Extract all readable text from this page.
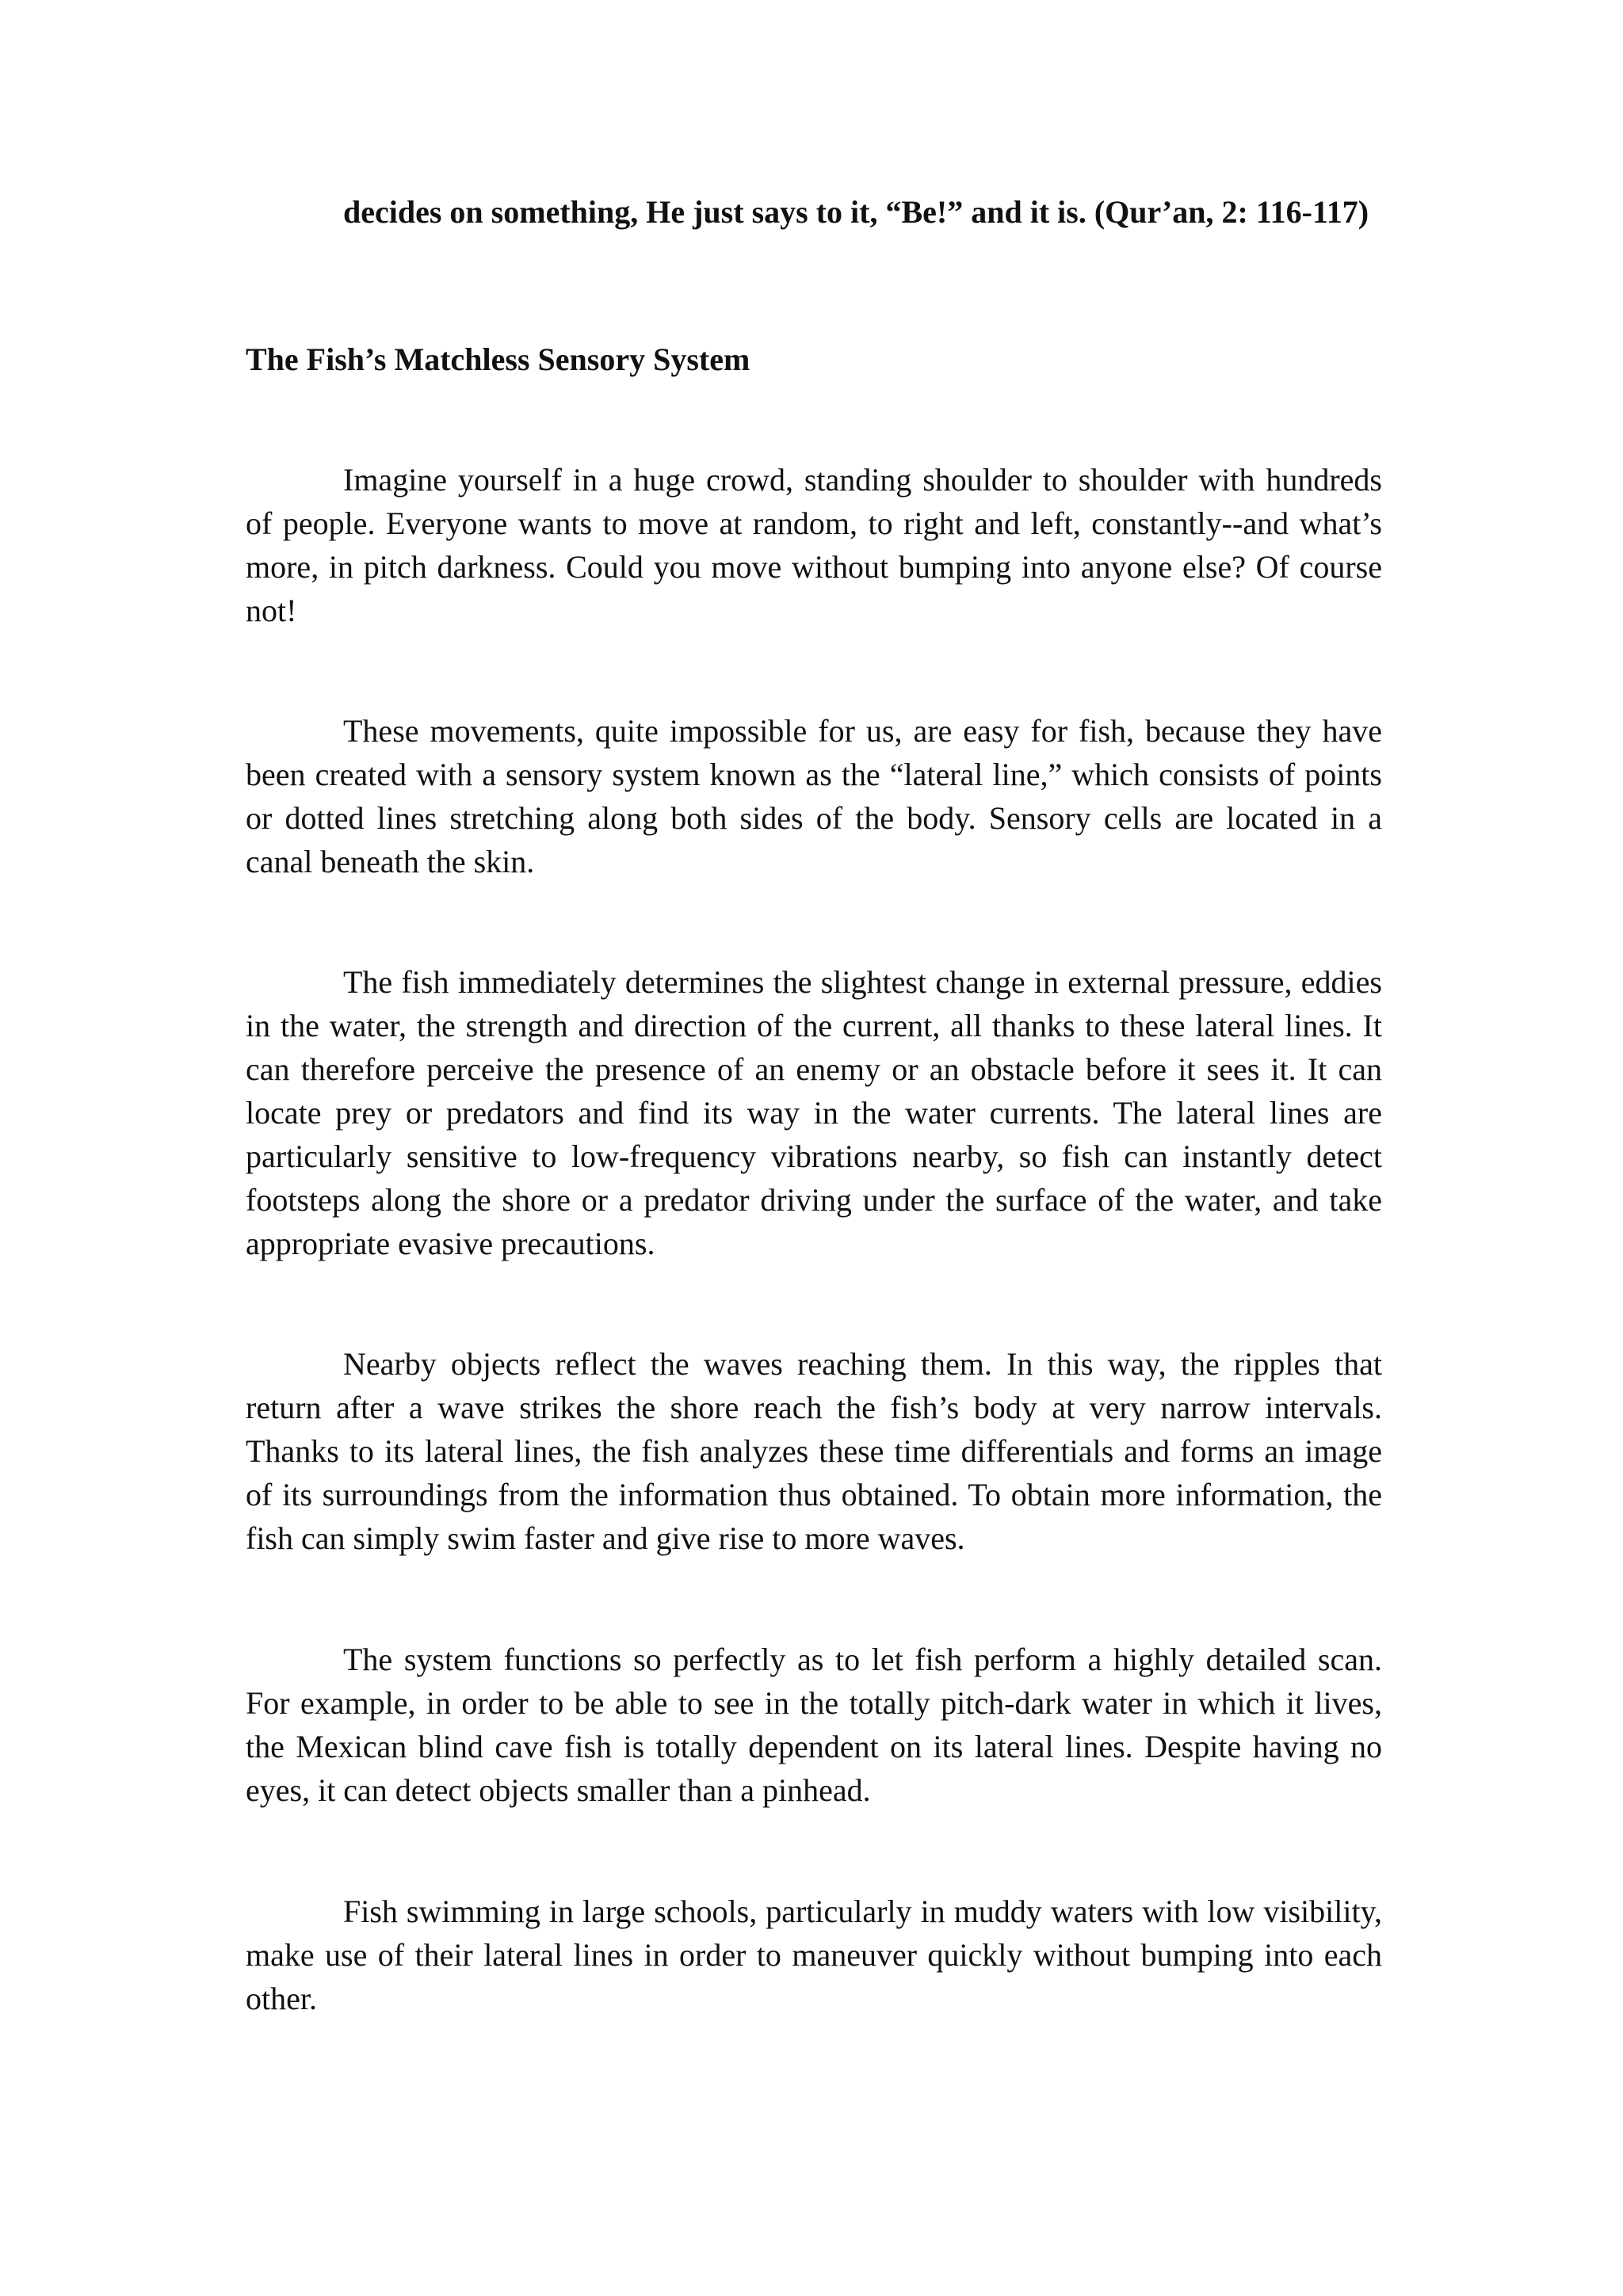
decides on something, He just says to it, “Be!” and it is. (Qur’an, 2: 116-117)
The Fish’s Matchless Sensory System

Imagine yourself in a huge crowd, standing shoulder to shoulder with hundreds of people. Everyone wants to move at random, to right and left, constantly--and what’s more, in pitch darkness. Could you move without bumping into anyone else? Of course not!

These movements, quite impossible for us, are easy for fish, because they have been created with a sensory system known as the “lateral line,” which consists of points or dotted lines stretching along both sides of the body. Sensory cells are located in a canal beneath the skin.

The fish immediately determines the slightest change in external pressure, eddies in the water, the strength and direction of the current, all thanks to these lateral lines. It can therefore perceive the presence of an enemy or an obstacle before it sees it. It can locate prey or predators and find its way in the water currents. The lateral lines are particularly sensitive to low-frequency vibrations nearby, so fish can instantly detect footsteps along the shore or a predator driving under the surface of the water, and take appropriate evasive precautions.

Nearby objects reflect the waves reaching them. In this way, the ripples that return after a wave strikes the shore reach the fish’s body at very narrow intervals. Thanks to its lateral lines, the fish analyzes these time differentials and forms an image of its surroundings from the information thus obtained. To obtain more information, the fish can simply swim faster and give rise to more waves.

The system functions so perfectly as to let fish perform a highly detailed scan. For example, in order to be able to see in the totally pitch-dark water in which it lives, the Mexican blind cave fish is totally dependent on its lateral lines. Despite having no eyes, it can detect objects smaller than a pinhead.

Fish swimming in large schools, particularly in muddy waters with low visibility, make use of their lateral lines in order to maneuver quickly without bumping into each other.
